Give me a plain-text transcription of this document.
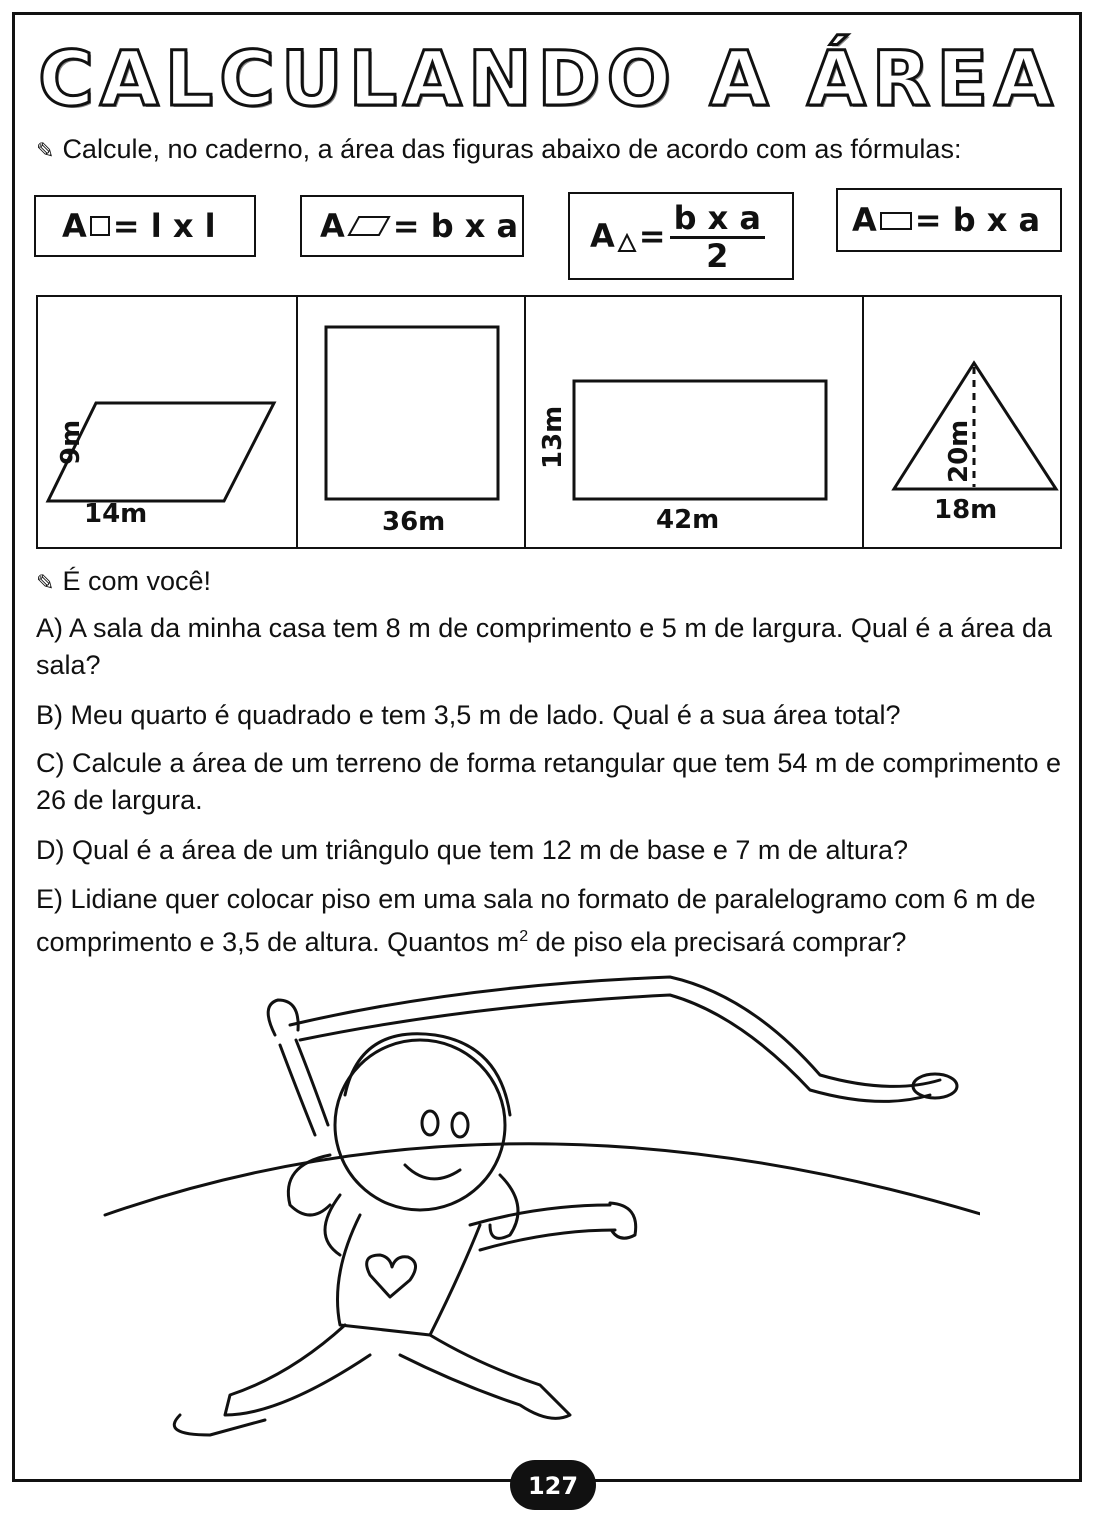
CALCULANDO A ÁREA
✎ Calcule, no caderno, a área das figuras abaixo de acordo com as fórmulas:
A = l x l	A = b x a $A = \frac{\text{b x a}}{2}$	A = b x a
9m
14m	36m
13m
42m
20m
18m
✎ É com você!
A) A sala da minha casa tem 8 m de comprimento e 5 m de largura. Qual é a área da sala?
B) Meu quarto é quadrado e tem 3,5 m de lado. Qual é a sua área total?
C) Calcule a área de um terreno de forma retangular que tem 54 m de comprimento e 26 de largura.
D) Qual é a área de um triângulo que tem 12 m de base e 7 m de altura?
E) Lidiane quer colocar piso em uma sala no formato de paralelogramo com 6 m de comprimento e 3,5 de altura. Quantos $m^2$ de piso ela precisará comprar?
127
